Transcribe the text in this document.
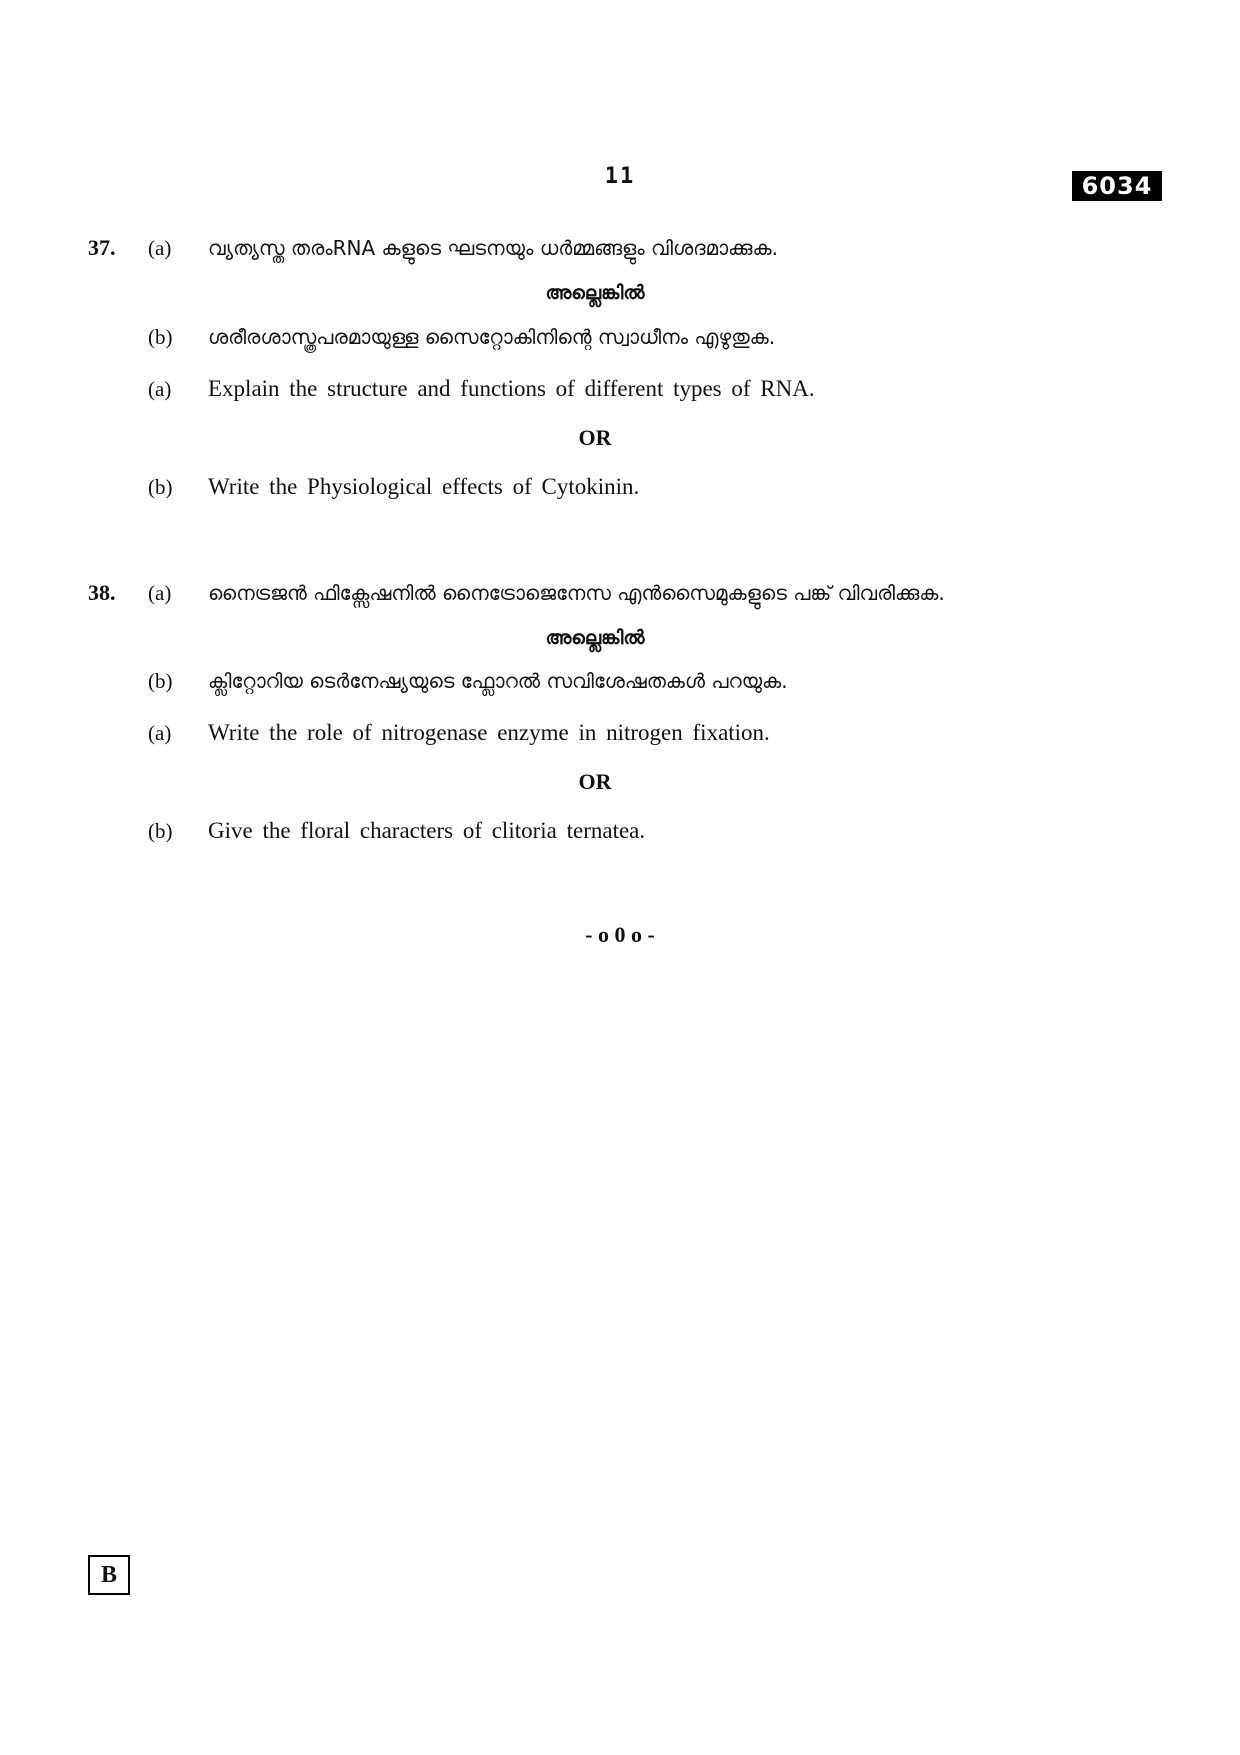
11	6034
37. (a) വ്യത്യസ്ത തരംRNA കളുടെ ഘടനയും ധർമ്മങ്ങളും വിശദമാക്കുക.
അല്ലെങ്കിൽ
(b) ശരീരശാസ്ത്രപരമായുള്ള സൈറ്റോകിനിന്റെ സ്വാധീനം എഴുതുക.
(a) Explain the structure and functions of different types of RNA.
OR
(b) Write the Physiological effects of Cytokinin.
38. (a) നൈട്രജൻ ഫിക്സേഷനിൽ നൈട്രോജെനേസ എൻസൈമുകളുടെ പങ്ക് വിവരിക്കുക.
അല്ലെങ്കിൽ
(b) ക്ലിറ്റോറിയ ടെർനേഷ്യയുടെ ഫ്ലോറൽ സവിശേഷതകൾ പറയുക.
(a) Write the role of nitrogenase enzyme in nitrogen fixation.
OR
(b) Give the floral characters of clitoria ternatea.
- o 0 o -
B
